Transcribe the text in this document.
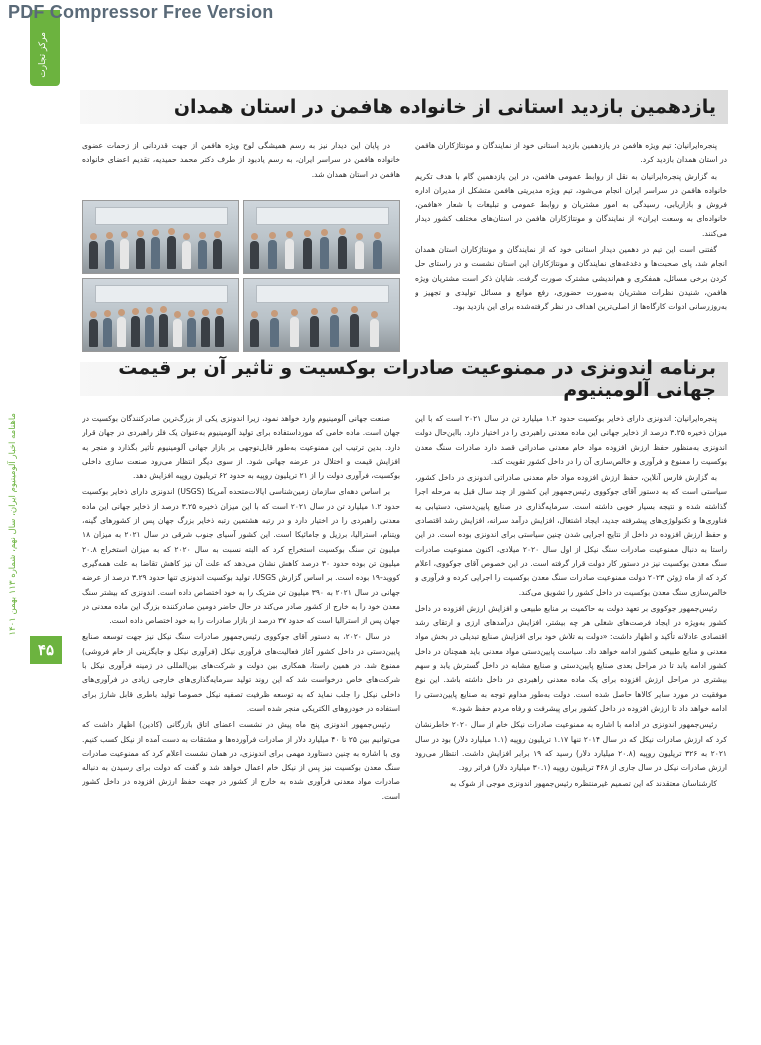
PDF Compressor Free Version
مرکز تجارت
ماهنامه اخبار آلومینیوم ایران، سال نهم، شماره ۱۱۳ بهمن ۱۴۰۱
۴۵
یازدهمین بازدید استانی از خانواده هافمن در استان همدان

پنجره‌ایرانیان: تیم ویژه هافمن در یازدهمین بازدید استانی خود از نمایندگان و مونتاژکاران هافمن در استان همدان بازدید کرد.

به گزارش پنجره‌ایرانیان به نقل از روابط عمومی هافمن، در این یازدهمین گام با هدف تکریم خانواده هافمن در سراسر ایران انجام می‌شود، تیم ویژه مدیریتی هافمن متشکل از مدیران اداره فروش و بازاریابی، رسیدگی به امور مشتریان و روابط عمومی و تبلیغات با شعار «هافمن، خانواده‌ای به وسعت ایران» از نمایندگان و مونتاژکاران هافمن در استان‌های مختلف کشور دیدار می‌کنند.

گفتنی است این تیم در دهمین دیدار استانی خود که از نمایندگان و مونتاژکاران استان همدان انجام شد، پای صحبت‌ها و دغدغه‌های نمایندگان و مونتاژکاران این استان نشست و در راستای حل کردن برخی مسائل، همفکری و هم‌اندیشی مشترک صورت گرفت. شایان ذکر است مشتریان ویژه هافمن، شنیدن نظرات مشتریان به‌صورت حضوری، رفع موانع و مسائل تولیدی و تجهیز و به‌روزرسانی ادوات کارگاه‌ها از اصلی‌ترین اهداف در نظر گرفته‌شده برای این بازدید بود.

در پایان این دیدار نیز به رسم همیشگی لوح ویژه هافمن از جهت قدردانی از زحمات عضوی خانواده هافمن در سراسر ایران، به رسم یادبود از طرف دکتر محمد حمیدیه، تقدیم اعضای خانواده هافمن در استان همدان شد.

برنامه اندونزی در ممنوعیت صادرات بوکسیت و تاثیر آن بر قیمت جهانی آلومینیوم

پنجره‌ایرانیان: اندونزی دارای ذخایر بوکسیت حدود ۱.۲ میلیارد تن در سال ۲۰۲۱ است که با این میزان ذخیره ۳.۲۵ درصد از ذخایر جهانی این ماده معدنی راهبردی را در اختیار دارد. بااین‌حال دولت اندونزی به‌منظور حفظ ارزش افزوده مواد خام معدنی صادراتی قصد دارد صادرات سنگ معدن بوکسیت را ممنوع و فرآوری و خالص‌سازی آن را در داخل کشور تقویت کند.

به گزارش فارس آنلاین، حفظ ارزش افزوده مواد خام معدنی صادراتی اندونزی در داخل کشور، سیاستی است که به دستور آقای جوکووی رئیس‌جمهور این کشور از چند سال قبل به مرحله اجرا گذاشته شده و نتیجه بسیار خوبی داشته است. سرمایه‌گذاری در صنایع پایین‌دستی، دستیابی به فناوری‌ها و تکنولوژی‌های پیشرفته جدید، ایجاد اشتغال، افزایش درآمد سرانه، افزایش رشد اقتصادی و حفظ ارزش افزوده در داخل از نتایج اجرایی شدن چنین سیاستی برای اندونزی بوده است. در این راستا به دنبال ممنوعیت صادرات سنگ نیکل از اول سال ۲۰۲۰ میلادی، اکنون ممنوعیت صادرات سنگ معدن بوکسیت نیز در دستور کار دولت قرار گرفته است. در این خصوص آقای جوکووی، اعلام کرد که از ماه ژوئن ۲۰۲۳ دولت ممنوعیت صادرات سنگ معدن بوکسیت را اجرایی کرده و فرآوری و خالص‌سازی سنگ معدن بوکسیت در داخل کشور را تشویق می‌کند.

رئیس‌جمهور جوکووی بر تعهد دولت به حاکمیت بر منابع طبیعی و افزایش ارزش افزوده در داخل کشور به‌ویژه در ایجاد فرصت‌های شغلی هر چه بیشتر، افزایش درآمدهای ارزی و ارتقای رشد اقتصادی عادلانه تأکید و اظهار داشت: «دولت به تلاش خود برای افزایش صنایع تبدیلی در بخش مواد معدنی و منابع طبیعی کشور ادامه خواهد داد. سیاست پایین‌دستی مواد معدنی باید همچنان در داخل کشور ادامه یابد تا در مراحل بعدی صنایع پایین‌دستی و صنایع مشابه در داخل گسترش یابد و سهم بیشتری در مراحل ارزش افزوده برای یک ماده معدنی راهبردی در داخل داشته باشد. این نوع موفقیت در مورد سایر کالاها حاصل شده است. دولت به‌طور مداوم توجه به صنایع پایین‌دستی را ادامه خواهد داد تا ارزش افزوده در داخل کشور برای پیشرفت و رفاه مردم حفظ شود.»

رئیس‌جمهور اندونزی در ادامه با اشاره به ممنوعیت صادرات نیکل خام از سال ۲۰۲۰ خاطرنشان کرد که ارزش صادرات نیکل که در سال ۲۰۱۴ تنها ۱.۱۷ تریلیون روپیه (۱.۱ میلیارد دلار) بود در سال ۲۰۲۱ به ۳۲۶ تریلیون روپیه (۲۰.۸ میلیارد دلار) رسید که ۱۹ برابر افزایش داشت. انتظار می‌رود ارزش صادرات نیکل در سال جاری از ۴۶۸ تریلیون روپیه (۳۰.۱ میلیارد دلار) فراتر رود.

کارشناسان معتقدند که این تصمیم غیرمنتظره رئیس‌جمهور اندونزی موجی از شوک به

صنعت جهانی آلومینیوم وارد خواهد نمود، زیرا اندونزی یکی از بزرگ‌ترین صادرکنندگان بوکسیت در جهان است. ماده خامی که مورداستفاده برای تولید آلومینیوم به‌عنوان یک فلز راهبردی در جهان قرار دارد. بدین ترتیب این ممنوعیت به‌طور قابل‌توجهی بر بازار جهانی آلومینیوم تأثیر بگذارد و منجر به افزایش قیمت و اختلال در عرضه جهانی شود. از سوی دیگر انتظار می‌رود صنعت سازی داخلی بوکسیت، فرآوری دولت را از ۲۱ تریلیون روپیه به حدود ۶۲ تریلیون روپیه افزایش دهد.

بر اساس دهه‌ای سازمان زمین‌شناسی ایالات‌متحده آمریکا (USGS) اندونزی دارای ذخایر بوکسیت حدود ۱.۲ میلیارد تن در سال ۲۰۲۱ است که با این میزان ذخیره ۳.۲۵ درصد از ذخایر جهانی این ماده معدنی راهبردی را در اختیار دارد و در رتبه هشتمین رتبه ذخایر بزرگ جهان پس از کشورهای گینه، ویتنام، استرالیا، برزیل و جامائیکا است. این کشور آسیای جنوب شرقی در سال ۲۰۲۱ به میزان ۱۸ میلیون تن سنگ بوکسیت استخراج کرد که البته نسبت به سال ۲۰۲۰ که به میزان استخراج ۲۰.۸ میلیون تن بوده حدود ۳۰ درصد کاهش نشان می‌دهد که علت آن نیز کاهش تقاضا به علت همه‌گیری کووید-۱۹ بوده است. بر اساس گزارش USGS، تولید بوکسیت اندونزی تنها حدود ۳.۲۹ درصد از عرضه جهانی در سال ۲۰۲۱ به ۳۹۰ میلیون تن متریک را به خود اختصاص داده است. اندونزی که بیشتر سنگ معدن خود را به خارج از کشور صادر می‌کند در حال حاضر دومین صادرکننده بزرگ این ماده معدنی در جهان پس از استرالیا است که حدود ۳۷ درصد از بازار صادرات را به خود اختصاص داده است.

در سال ۲۰۲۰، به دستور آقای جوکووی رئیس‌جمهور صادرات سنگ نیکل نیز جهت توسعه صنایع پایین‌دستی در داخل کشور آغاز فعالیت‌های فرآوری نیکل (فرآوری نیکل و جایگزینی از خام فروشی) ممنوع شد. در همین راستا، همکاری بین دولت و شرکت‌های بین‌المللی در زمینه فرآوری نیکل با شرکت‌های خاص درخواست شد که این روند تولید سرمایه‌گذاری‌های خارجی زیادی در فرآوری‌های داخلی نیکل را جلب نماید که به توسعه ظرفیت تصفیه نیکل خصوصا تولید باطری قابل شارژ برای استفاده در خودروهای الکتریکی منجر شده است.

رئیس‌جمهور اندونزی پنج ماه پیش در نشست اعضای اتاق بازرگانی (کادین) اظهار داشت که می‌توانیم بین ۲۵ تا ۴۰ میلیارد دلار از صادرات فرآورده‌ها و مشتقات به دست آمده از نیکل کسب کنیم. وی با اشاره به چنین دستاورد مهمی برای اندونزی، در همان نشست اعلام کرد که ممنوعیت صادرات سنگ معدن بوکسیت نیز پس از نیکل خام اعمال خواهد شد و گفت که دولت برای رسیدن به دنباله صادرات مواد معدنی فرآوری شده به خارج از کشور در جهت حفظ ارزش افزوده در داخل کشور است.
